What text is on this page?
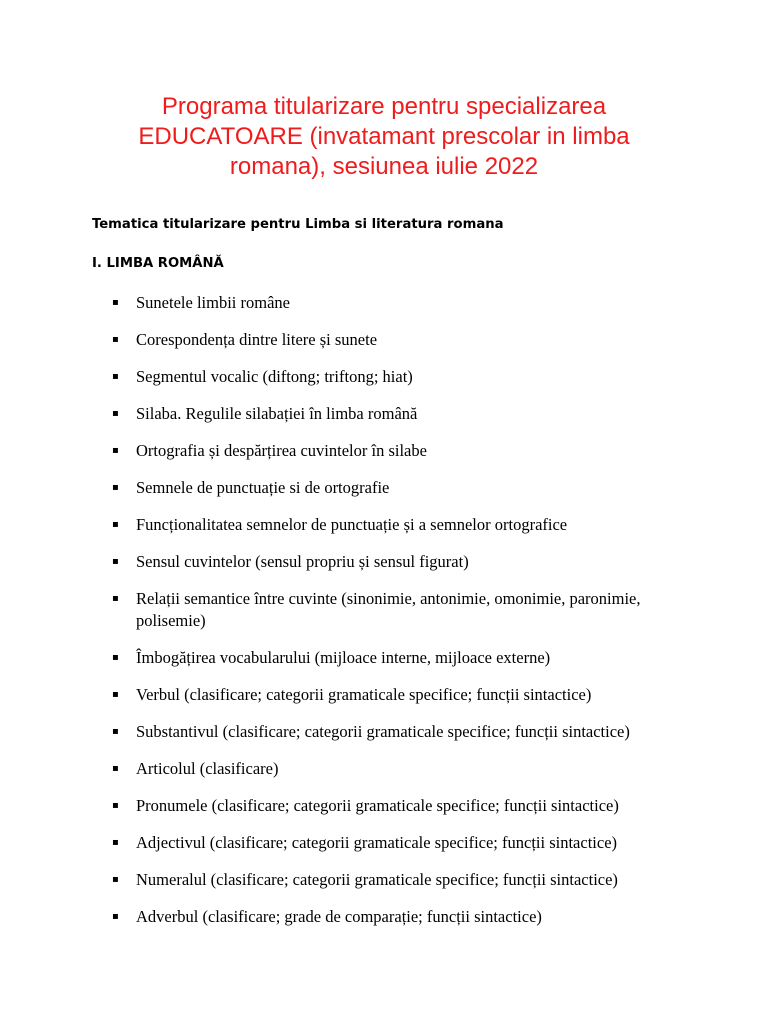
Programa titularizare pentru specializarea
EDUCATOARE (invatamant prescolar in limba
romana), sesiunea iulie 2022

Tematica titularizare pentru Limba si literatura romana

I. LIMBA ROMÂNĂ

▪ Sunetele limbii române
▪ Corespondența dintre litere și sunete
▪ Segmentul vocalic (diftong; triftong; hiat)
▪ Silaba. Regulile silabației în limba română
▪ Ortografia și despărțirea cuvintelor în silabe
▪ Semnele de punctuație si de ortografie
▪ Funcționalitatea semnelor de punctuație și a semnelor ortografice
▪ Sensul cuvintelor (sensul propriu și sensul figurat)
▪ Relații semantice între cuvinte (sinonimie, antonimie, omonimie, paronimie, polisemie)
▪ Îmbogățirea vocabularului (mijloace interne, mijloace externe)
▪ Verbul (clasificare; categorii gramaticale specifice; funcții sintactice)
▪ Substantivul (clasificare; categorii gramaticale specifice; funcții sintactice)
▪ Articolul (clasificare)
▪ Pronumele (clasificare; categorii gramaticale specifice; funcții sintactice)
▪ Adjectivul (clasificare; categorii gramaticale specifice; funcții sintactice)
▪ Numeralul (clasificare; categorii gramaticale specifice; funcții sintactice)
▪ Adverbul (clasificare; grade de comparație; funcții sintactice)
